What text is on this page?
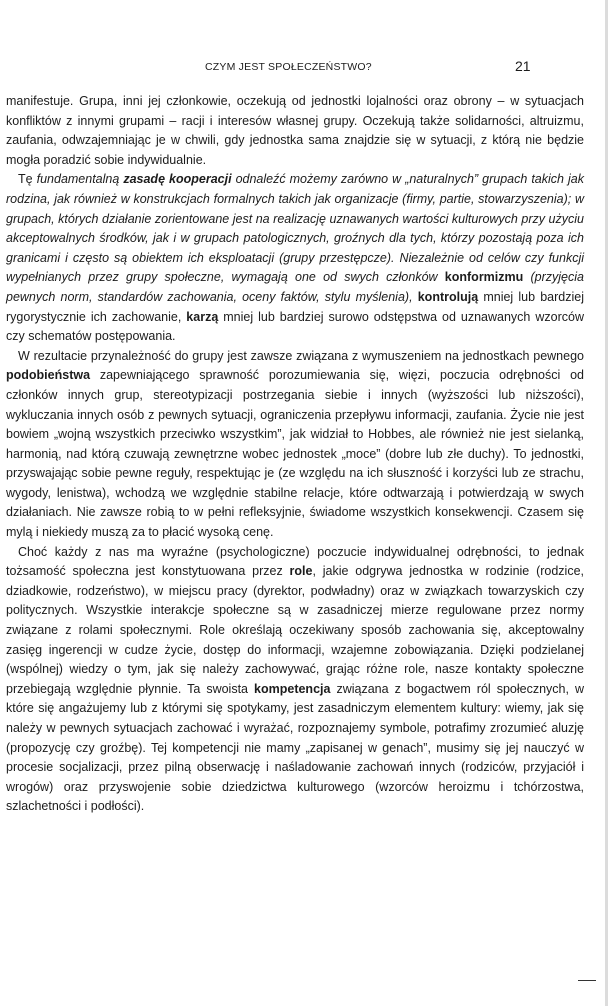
CZYM JEST SPOŁECZEŃSTWO?	21

manifestuje. Grupa, inni jej członkowie, oczekują od jednostki lojalności oraz obrony – w sytuacjach konfliktów z innymi grupami – racji i interesów własnej grupy. Oczekują także solidarności, altruizmu, zaufania, odwzajemniając je w chwili, gdy jednostka sama znajdzie się w sytuacji, z którą nie będzie mogła poradzić sobie indywidualnie.

Tę fundamentalną zasadę kooperacji odnaleźć możemy zarówno w „naturalnych” grupach takich jak rodzina, jak również w konstrukcjach formalnych takich jak organizacje (firmy, partie, stowarzyszenia); w grupach, których działanie zorientowane jest na realizację uznawanych wartości kulturowych przy użyciu akceptowalnych środków, jak i w grupach patologicznych, groźnych dla tych, którzy pozostają poza ich granicami i często są obiektem ich eksploatacji (grupy przestępcze). Niezależnie od celów czy funkcji wypełnianych przez grupy społeczne, wymagają one od swych członków konformizmu (przyjęcia pewnych norm, standardów zachowania, oceny faktów, stylu myślenia), kontrolują mniej lub bardziej rygorystycznie ich zachowanie, karzą mniej lub bardziej surowo odstępstwa od uznawanych wzorców czy schematów postępowania.

W rezultacie przynależność do grupy jest zawsze związana z wymuszeniem na jednostkach pewnego podobieństwa zapewniającego sprawność porozumiewania się, więzi, poczucia odrębności od członków innych grup, stereotypizacji postrzegania siebie i innych (wyższości lub niższości), wykluczania innych osób z pewnych sytuacji, ograniczenia przepływu informacji, zaufania. Życie nie jest bowiem „wojną wszystkich przeciwko wszystkim”, jak widział to Hobbes, ale również nie jest sielanką, harmonią, nad którą czuwają zewnętrzne wobec jednostek „moce” (dobre lub złe duchy). To jednostki, przyswajając sobie pewne reguły, respektując je (ze względu na ich słuszność i korzyści lub ze strachu, wygody, lenistwa), wchodzą we względnie stabilne relacje, które odtwarzają i potwierdzają w swych działaniach. Nie zawsze robią to w pełni refleksyjnie, świadome wszystkich konsekwencji. Czasem się mylą i niekiedy muszą za to płacić wysoką cenę.

Choć każdy z nas ma wyraźne (psychologiczne) poczucie indywidualnej odrębności, to jednak tożsamość społeczna jest konstytuowana przez role, jakie odgrywa jednostka w rodzinie (rodzice, dziadkowie, rodzeństwo), w miejscu pracy (dyrektor, podwładny) oraz w związkach towarzyskich czy politycznych. Wszystkie interakcje społeczne są w zasadniczej mierze regulowane przez normy związane z rolami społecznymi. Role określają oczekiwany sposób zachowania się, akceptowalny zasięg ingerencji w cudze życie, dostęp do informacji, wzajemne zobowiązania. Dzięki podzielanej (wspólnej) wiedzy o tym, jak się należy zachowywać, grając różne role, nasze kontakty społeczne przebiegają względnie płynnie. Ta swoista kompetencja związana z bogactwem ról społecznych, w które się angażujemy lub z którymi się spotykamy, jest zasadniczym elementem kultury: wiemy, jak się należy w pewnych sytuacjach zachować i wyrażać, rozpoznajemy symbole, potrafimy zrozumieć aluzję (propozycję czy groźbę). Tej kompetencji nie mamy „zapisanej w genach”, musimy się jej nauczyć w procesie socjalizacji, przez pilną obserwację i naśladowanie zachowań innych (rodziców, przyjaciół i wrogów) oraz przyswojenie sobie dziedzictwa kulturowego (wzorców heroizmu i tchórzostwa, szlachetności i podłości).
